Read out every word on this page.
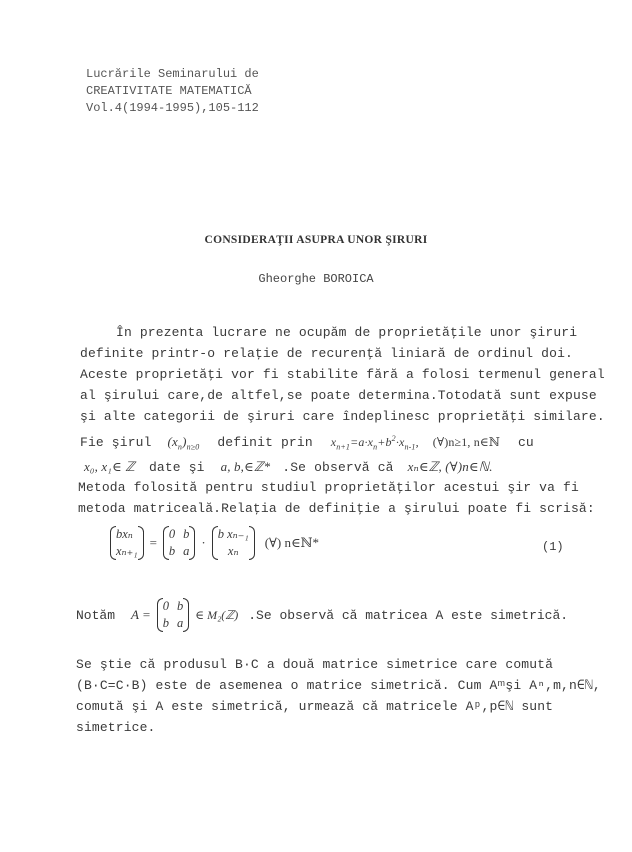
Lucrările Seminarului de
CREATIVITATE MATEMATICĂ
Vol.4(1994-1995),105-112
CONSIDERAŢII ASUPRA UNOR ŞIRURI
Gheorghe BOROICA
În prezenta lucrare ne ocupăm de proprietăţile unor şiruri
definite printr-o relaţie de recurenţă liniară de ordinul doi.
Aceste proprietăţi vor fi stabilite fără a folosi termenul general
al şirului care,de altfel,se poate determina.Totodată sunt expuse
şi alte categorii de şiruri care îndeplinesc proprietăţi similare.
Fie şirul $(x_n)_{n\ge 0}$ definit prin $x_{n+1}=a\cdot x_n+b^2\cdot x_{n-1}$, (∀)n≥1, n∈ℕ cu
x₀, x₁∈ ℤ date şi a, b,∈ℤ* .Se observă că xₙ∈ℤ, (∀)n∈ℕ.
Metoda folosită pentru studiul proprietăţilor acestui şir va fi
metoda matriceală.Relaţia de definiţie a şirului poate fi scrisă:
bxₙ
xₙ₊₁
=
0 b
b a
·
b xₙ₋₁
xₙ
(∀) n∈ℕ*	(1)
Notăm A =
0 b
b a
∈ M₂(ℤ) .Se observă că matricea A este simetrică.
Se ştie că produsul B·C a două matrice simetrice care comută
(B·C=C·B) este de asemenea o matrice simetrică. Cum Aᵐşi Aⁿ,m,n∈ℕ,
comută şi A este simetrică, urmează că matricele Aᵖ,p∈ℕ sunt
simetrice.
